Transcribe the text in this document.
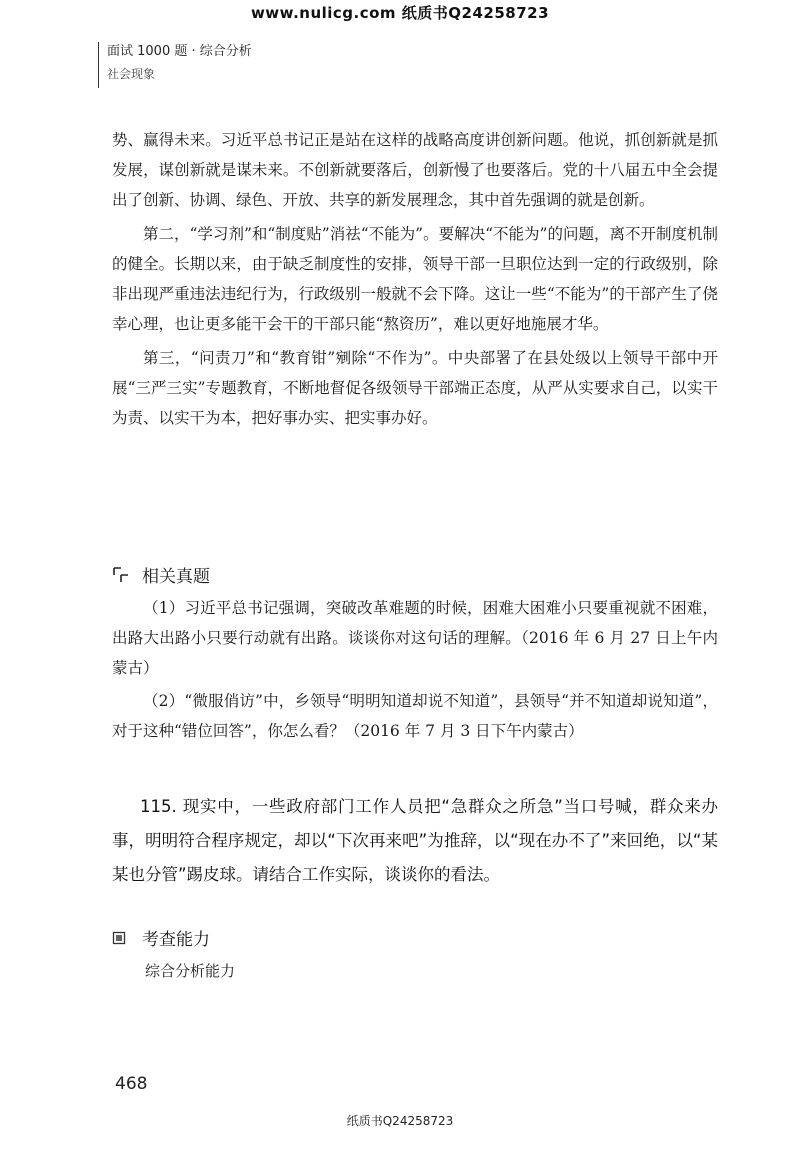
www.nulicg.com 纸质书Q24258723
面试 1000 题 · 综合分析
社会现象

势、赢得未来。习近平总书记正是站在这样的战略高度讲创新问题。他说，抓创新就是抓发展，谋创新就是谋未来。不创新就要落后，创新慢了也要落后。党的十八届五中全会提出了创新、协调、绿色、开放、共享的新发展理念，其中首先强调的就是创新。

第二，“学习剂”和“制度贴”消祛“不能为”。要解决“不能为”的问题，离不开制度机制的健全。长期以来，由于缺乏制度性的安排，领导干部一旦职位达到一定的行政级别，除非出现严重违法违纪行为，行政级别一般就不会下降。这让一些“不能为”的干部产生了侥幸心理，也让更多能干会干的干部只能“熬资历”，难以更好地施展才华。

第三，“问责刀”和“教育钳”剜除“不作为”。中央部署了在县处级以上领导干部中开展“三严三实”专题教育，不断地督促各级领导干部端正态度，从严从实要求自己，以实干为责、以实干为本，把好事办实、把实事办好。

相关真题

（1）习近平总书记强调，突破改革难题的时候，困难大困难小只要重视就不困难，出路大出路小只要行动就有出路。谈谈你对这句话的理解。（2016 年 6 月 27 日上午内蒙古）

（2）“微服俏访”中，乡领导“明明知道却说不知道”，县领导“并不知道却说知道”，对于这种“错位回答”，你怎么看？（2016 年 7 月 3 日下午内蒙古）

115. 现实中，一些政府部门工作人员把“急群众之所急”当口号喊，群众来办事，明明符合程序规定，却以“下次再来吧”为推辞，以“现在办不了”来回绝，以“某某也分管”踢皮球。请结合工作实际，谈谈你的看法。

考查能力
综合分析能力
468
纸质书Q24258723
